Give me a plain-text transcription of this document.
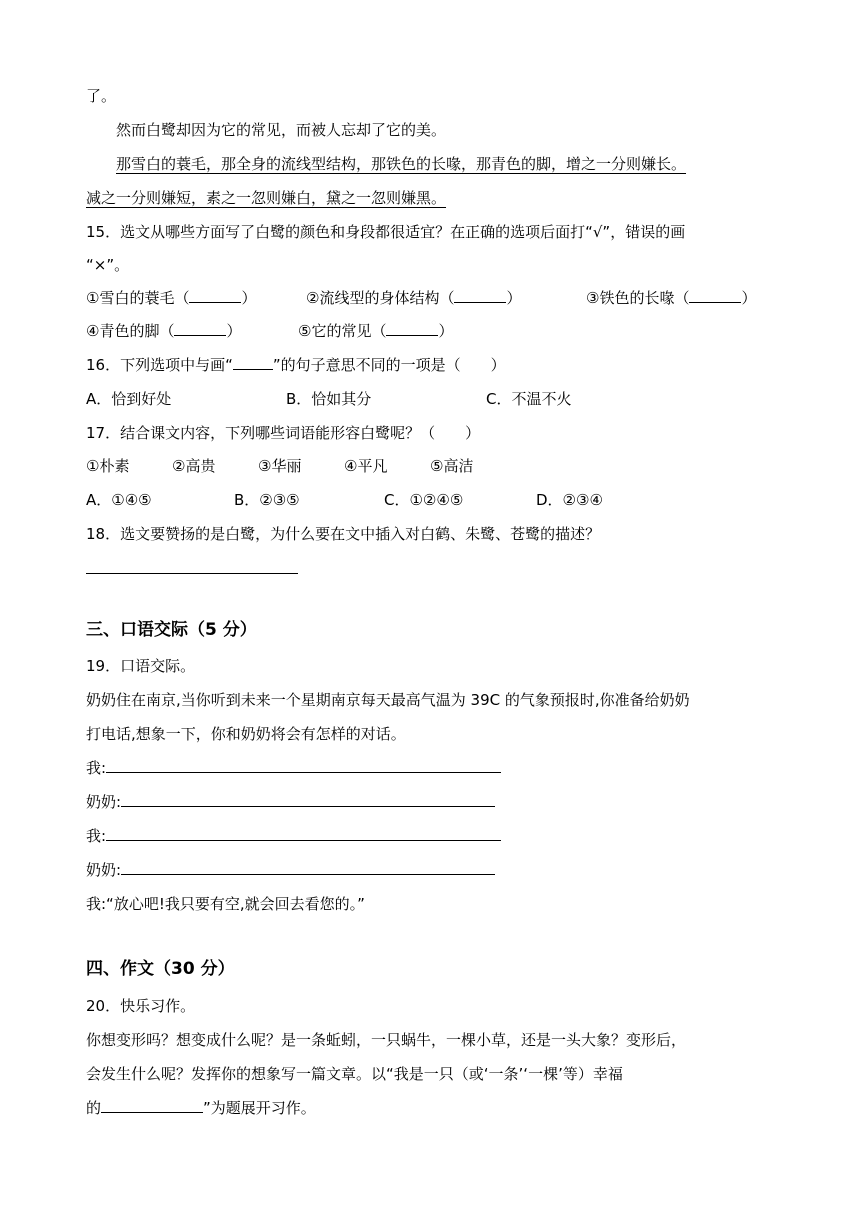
了。
然而白鹭却因为它的常见，而被人忘却了它的美。
那雪白的蓑毛，那全身的流线型结构，那铁色的长喙，那青色的脚，增之一分则嫌长。
减之一分则嫌短，素之一忽则嫌白，黛之一忽则嫌黑。
15．选文从哪些方面写了白鹭的颜色和身段都很适宜？在正确的选项后面打“√”，错误的画
“×”。
①雪白的蓑毛（	）	②流线型的身体结构（	）	③铁色的长喙（	）
④青色的脚（	）	⑤它的常见（	）
16．下列选项中与画“	”的句子意思不同的一项是（　　）
A．恰到好处	B．恰如其分	C．不温不火
17．结合课文内容，下列哪些词语能形容白鹭呢？（　　）
①朴素	②高贵	③华丽	④平凡	⑤高洁
A．①④⑤	B．②③⑤	C．①②④⑤	D．②③④
18．选文要赞扬的是白鹭，为什么要在文中插入对白鹤、朱鹭、苍鹭的描述？
三、口语交际（5 分）
19．口语交际。
奶奶住在南京,当你听到未来一个星期南京每天最高气温为 39C 的气象预报时,你准备给奶奶
打电话,想象一下，你和奶奶将会有怎样的对话。
我:
奶奶:
我:
奶奶:
我:“放心吧!我只要有空,就会回去看您的。”
四、作文（30 分）
20．快乐习作。
你想变形吗？想变成什么呢？是一条蚯蚓，一只蜗牛，一棵小草，还是一头大象？变形后，
会发生什么呢？发挥你的想象写一篇文章。以“我是一只（或‘一条’‘一棵’等）幸福
的	”为题展开习作。
